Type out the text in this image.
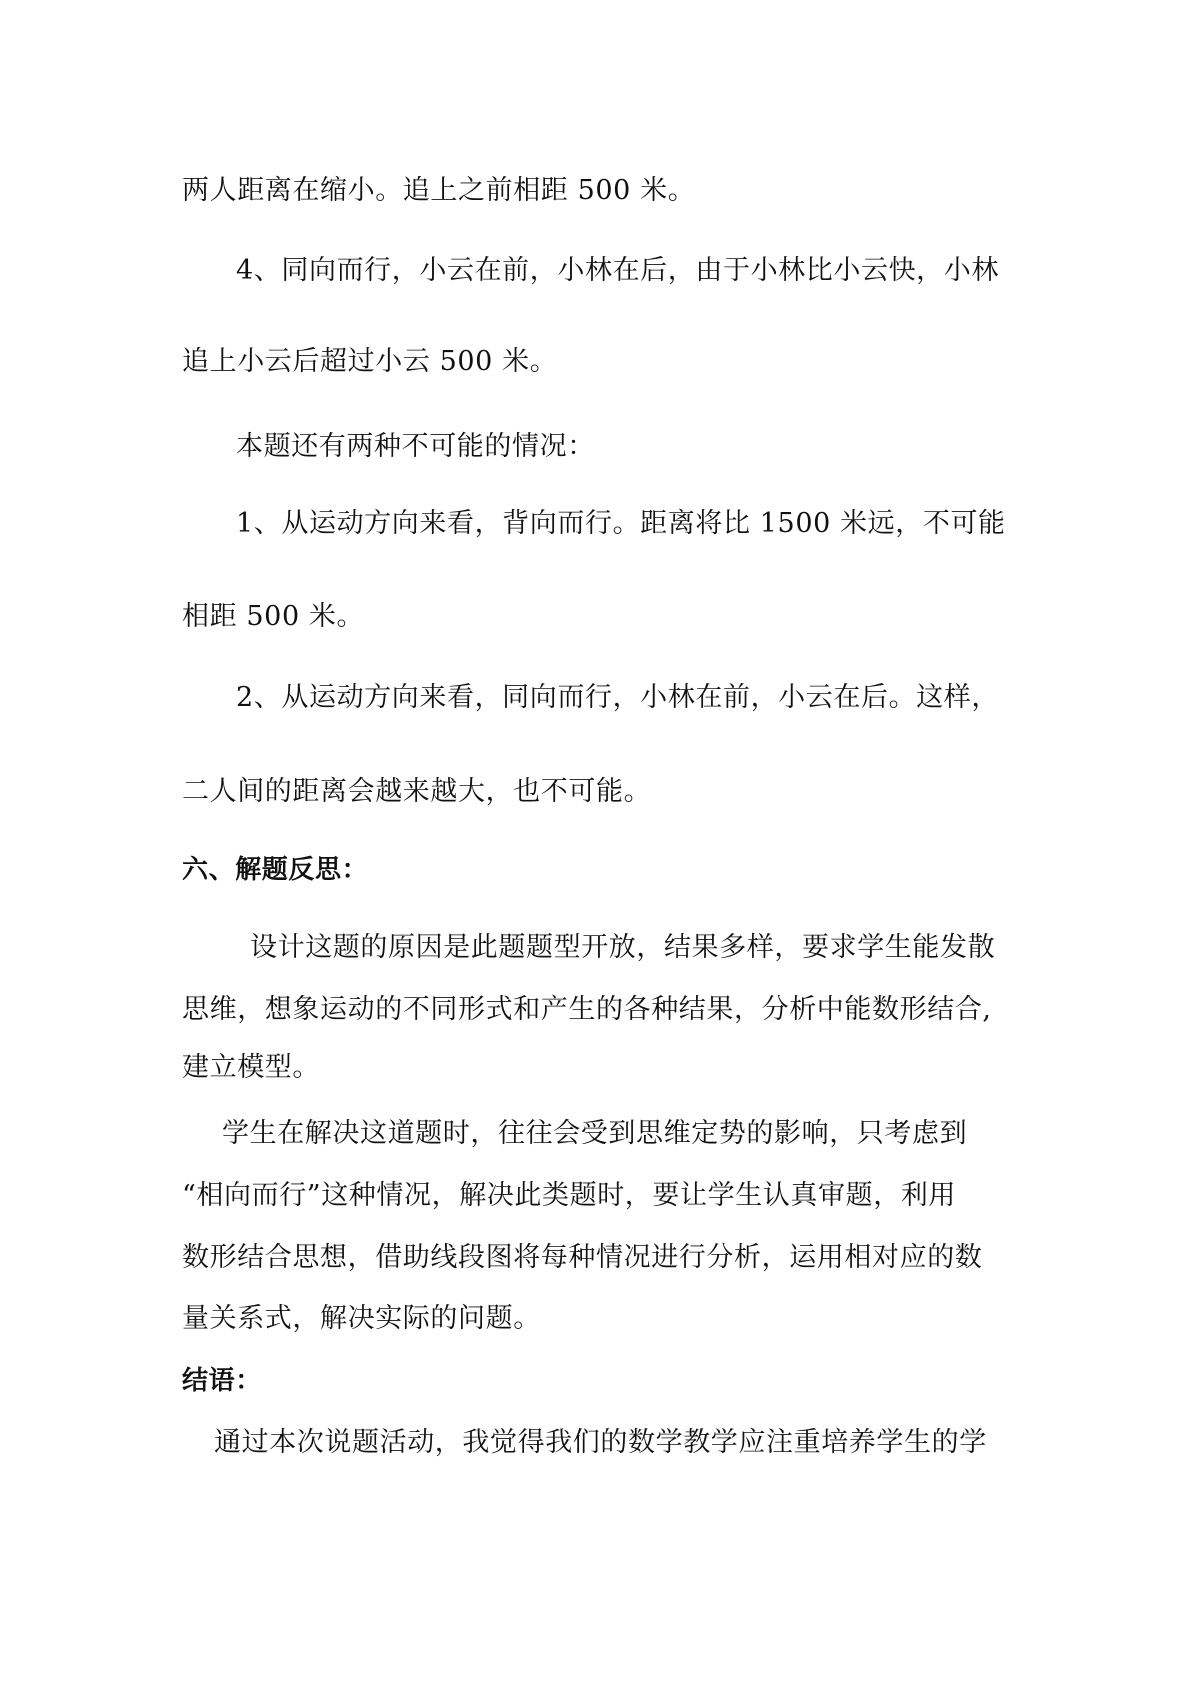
两人距离在缩小。追上之前相距 500 米。
4、同向而行，小云在前，小林在后，由于小林比小云快，小林
追上小云后超过小云 500 米。
本题还有两种不可能的情况：
1、从运动方向来看，背向而行。距离将比 1500 米远，不可能
相距 500 米。
2、从运动方向来看，同向而行，小林在前，小云在后。这样，
二人间的距离会越来越大，也不可能。
六、解题反思：
设计这题的原因是此题题型开放，结果多样，要求学生能发散
思维，想象运动的不同形式和产生的各种结果，分析中能数形结合,
建立模型。
学生在解决这道题时，往往会受到思维定势的影响，只考虑到
“相向而行”这种情况，解决此类题时，要让学生认真审题，利用
数形结合思想，借助线段图将每种情况进行分析，运用相对应的数
量关系式，解决实际的问题。
结语：
通过本次说题活动，我觉得我们的数学教学应注重培养学生的学
